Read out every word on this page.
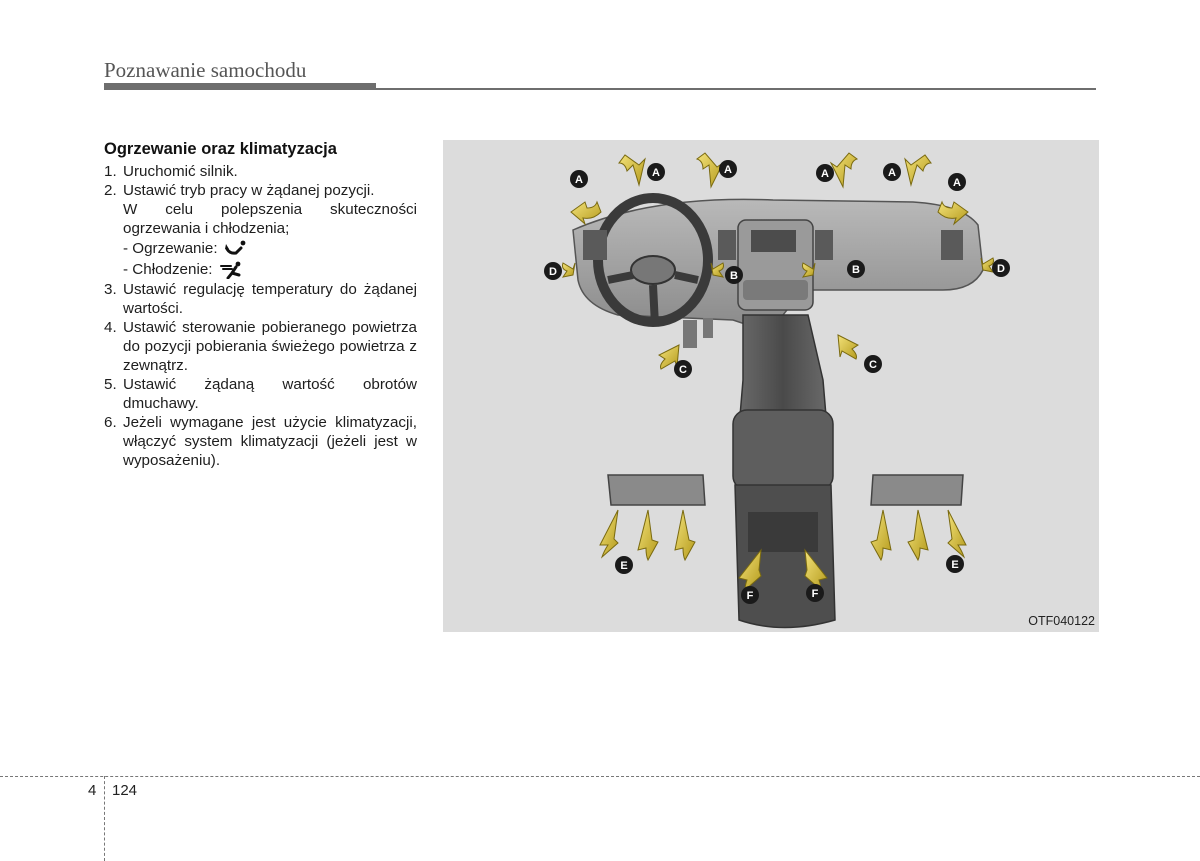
Poznawanie samochodu
Ogrzewanie oraz klimatyzacja
1. Uruchomić silnik.
2. Ustawić tryb pracy w żądanej pozycji.
W celu polepszenia skuteczności ogrzewania i chłodzenia;
- Ogrzewanie:
- Chłodzenie:
3. Ustawić regulację temperatury do żądanej wartości.
4. Ustawić sterowanie pobieranego powietrza do pozycji pobierania świeżego powietrza z zewnątrz.
5. Ustawić żądaną wartość obrotów dmuchawy.
6. Jeżeli wymagane jest użycie klimatyzacji, włączyć system klimatyzacji (jeżeli jest w wyposażeniu).
A
A	A	A	A
A
B	B
C	C
D	D
E	E
F	F
OTF040122
4 124
